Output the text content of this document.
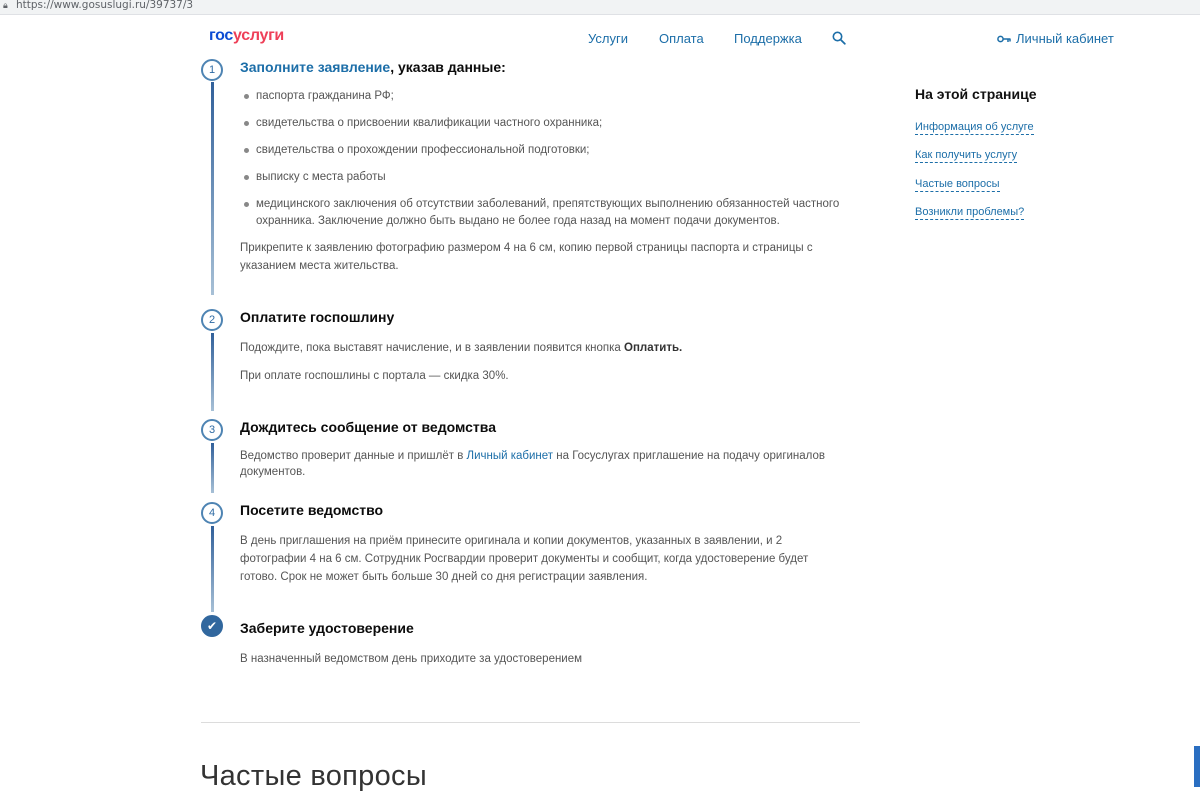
🔒︎ https://www.gosuslugi.ru/39737/3
госуслуги	Услуги Оплата Поддержка	Личный кабинет
1	Заполните заявление, указав данные:
паспорта гражданина РФ;
свидетельства о присвоении квалификации частного охранника;
свидетельства о прохождении профессиональной подготовки;
выписку с места работы
медицинского заключения об отсутствии заболеваний, препятствующих выполнению обязанностей частного охранника. Заключение должно быть выдано не более года назад на момент подачи документов.
Прикрепите к заявлению фотографию размером 4 на 6 см, копию первой страницы паспорта и страницы с указанием места жительства.
2	Оплатите госпошлину
Подождите, пока выставят начисление, и в заявлении появится кнопка Оплатить.
При оплате госпошлины с портала — скидка 30%.
3	Дождитесь сообщение от ведомства
Ведомство проверит данные и пришлёт в Личный кабинет на Госуслугах приглашение на подачу оригиналов документов.
4	Посетите ведомство
В день приглашения на приём принесите оригинала и копии документов, указанных в заявлении, и 2 фотографии 4 на 6 см. Сотрудник Росгвардии проверит документы и сообщит, когда удостоверение будет готово. Срок не может быть больше 30 дней со дня регистрации заявления.
✔	Заберите удостоверение
В назначенный ведомством день приходите за удостоверением
На этой странице
Информация об услуге
Как получить услугу
Частые вопросы
Возникли проблемы?
Частые вопросы
